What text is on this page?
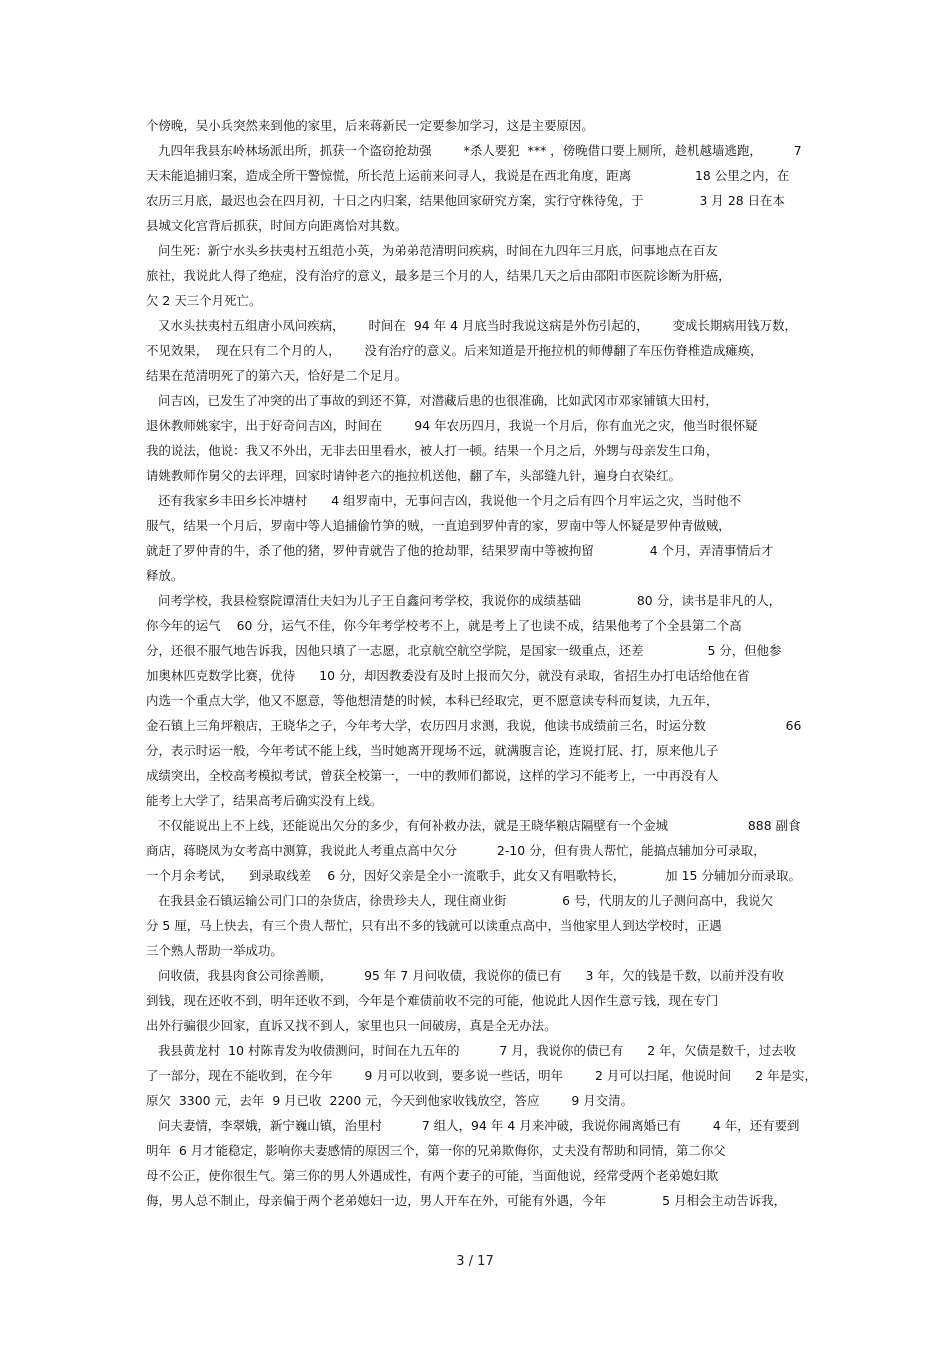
个傍晚，吴小兵突然来到他的家里，后来蒋新民一定要参加学习，这是主要原因。
九四年我县东岭林场派出所，抓获一个盗窃抢劫强        *杀人要犯  *** ，傍晚借口要上厕所，趁机越墙逃跑，        7
天未能追捕归案，造成全所干警惊慌，所长范上运前来问寻人，我说是在西北角度，距离                18 公里之内，在
农历三月底，最迟也会在四月初，十日之内归案，结果他回家研究方案，实行守株待兔，于              3 月 28 日在本
县城文化宫背后抓获，时间方向距离恰对其数。
问生死：新宁水头乡扶夷村五组范小英，为弟弟范清明问疾病，时间在九四年三月底，问事地点在百友
旅社，我说此人得了绝症，没有治疗的意义，最多是三个月的人，结果几天之后由邵阳市医院诊断为肝癌，
欠 2 天三个月死亡。
又水头扶夷村五组唐小凤问疾病，      时间在  94 年 4 月底当时我说这病是外伤引起的，      变成长期病用钱万数，
不见效果，  现在只有二个月的人，      没有治疗的意义。后来知道是开拖拉机的师傅翻了车压伤脊椎造成瘫痪，
结果在范清明死了的第六天，恰好是二个足月。
问吉凶，已发生了冲突的出了事故的到还不算，对潜藏后患的也很准确，比如武冈市邓家铺镇大田村，
退休教师姚家宇，出于好奇问吉凶，时间在        94 年农历四月，我说一个月后，你有血光之灾，他当时很怀疑
我的说法，他说：我又不外出，无非去田里看水，被人打一顿。结果一个月之后，外甥与母亲发生口角，
请姚教师作舅父的去评理，回家时请钟老六的拖拉机送他，翻了车，头部缝九针，遍身白衣染红。
还有我家乡丰田乡长冲塘村      4 组罗南中，无事问吉凶，我说他一个月之后有四个月牢运之灾，当时他不
服气，结果一个月后，罗南中等人追捕偷竹笋的贼，一直追到罗仲青的家，罗南中等人怀疑是罗仲青做贼，
就赶了罗仲青的牛，杀了他的猪，罗仲青就告了他的抢劫罪，结果罗南中等被拘留              4 个月，弄清事情后才
释放。
问考学校，我县检察院谭清仕夫妇为儿子王自鑫问考学校，我说你的成绩基础              80 分，读书是非凡的人，
你今年的运气    60 分，运气不佳，你今年考学校考不上，就是考上了也读不成，结果他考了个全县第二个高
分，还很不服气地告诉我，因他只填了一志愿，北京航空航空学院，是国家一级重点，还差                5 分，但他参
加奥林匹克数学比赛，优待      10 分，却因教委没有及时上报而欠分，就没有录取，省招生办打电话给他在省
内选一个重点大学，他又不愿意，等他想清楚的时候，本科已经取完，更不愿意读专科而复读，九五年，
金石镇上三角坪粮店，王晓华之子，今年考大学，农历四月求测，我说，他读书成绩前三名，时运分数                    66
分，表示时运一般，今年考试不能上线，当时她离开现场不远，就满腹言论，连说打屁、打，原来他儿子
成绩突出，全校高考模拟考试，曾获全校第一，一中的教师们都说，这样的学习不能考上，一中再没有人
能考上大学了，结果高考后确实没有上线。
不仅能说出上不上线，还能说出欠分的多少，有何补救办法，就是王晓华粮店隔壁有一个金城                    888 副食
商店，蒋晓凤为女考高中测算，我说此人考重点高中欠分          2-10 分，但有贵人帮忙，能搞点辅加分可录取，
一个月余考试，    到录取线差    6 分，因好父亲是全小一流歌手，此女又有唱歌特长，          加 15 分辅加分而录取。
在我县金石镇运输公司门口的杂货店，徐贵珍夫人，现住商业街              6 号，代朋友的儿子测问高中，我说欠
分 5 厘，马上快去，有三个贵人帮忙，只有出不多的钱就可以读重点高中，当他家里人到达学校时，正遇
三个熟人帮助一举成功。
问收债，我县肉食公司徐善顺，        95 年 7 月问收债，我说你的债已有      3 年，欠的钱是千数，以前并没有收
到钱，现在还收不到，明年还收不到，今年是个难债前收不完的可能，他说此人因作生意亏钱，现在专门
出外行骗很少回家，直诉又找不到人，家里也只一间破房，真是全无办法。
我县黄龙村  10 村陈青发为收债测问，时间在九五年的          7 月，我说你的债已有      2 年，欠债是数千，过去收
了一部分，现在不能收到，在今年        9 月可以收到，要多说一些话，明年        2 月可以扫尾，他说时间      2 年是实，
原欠  3300 元，去年  9 月已收  2200 元，今天到他家收钱放空，答应        9 月交清。
问夫妻情，李翠娥，新宁巍山镇，治里村          7 组人，94 年 4 月来冲破，我说你闹离婚已有        4 年，还有要到
明年  6 月才能稳定，影响你夫妻感情的原因三个，第一你的兄弟欺侮你，丈夫没有帮助和同情，第二你父
母不公正，使你很生气。第三你的男人外遇成性，有两个妻子的可能，当面他说，经常受两个老弟媳妇欺
侮，男人总不制止，母亲偏于两个老弟媳妇一边，男人开车在外，可能有外遇，今年              5 月相会主动告诉我，
3 / 17
